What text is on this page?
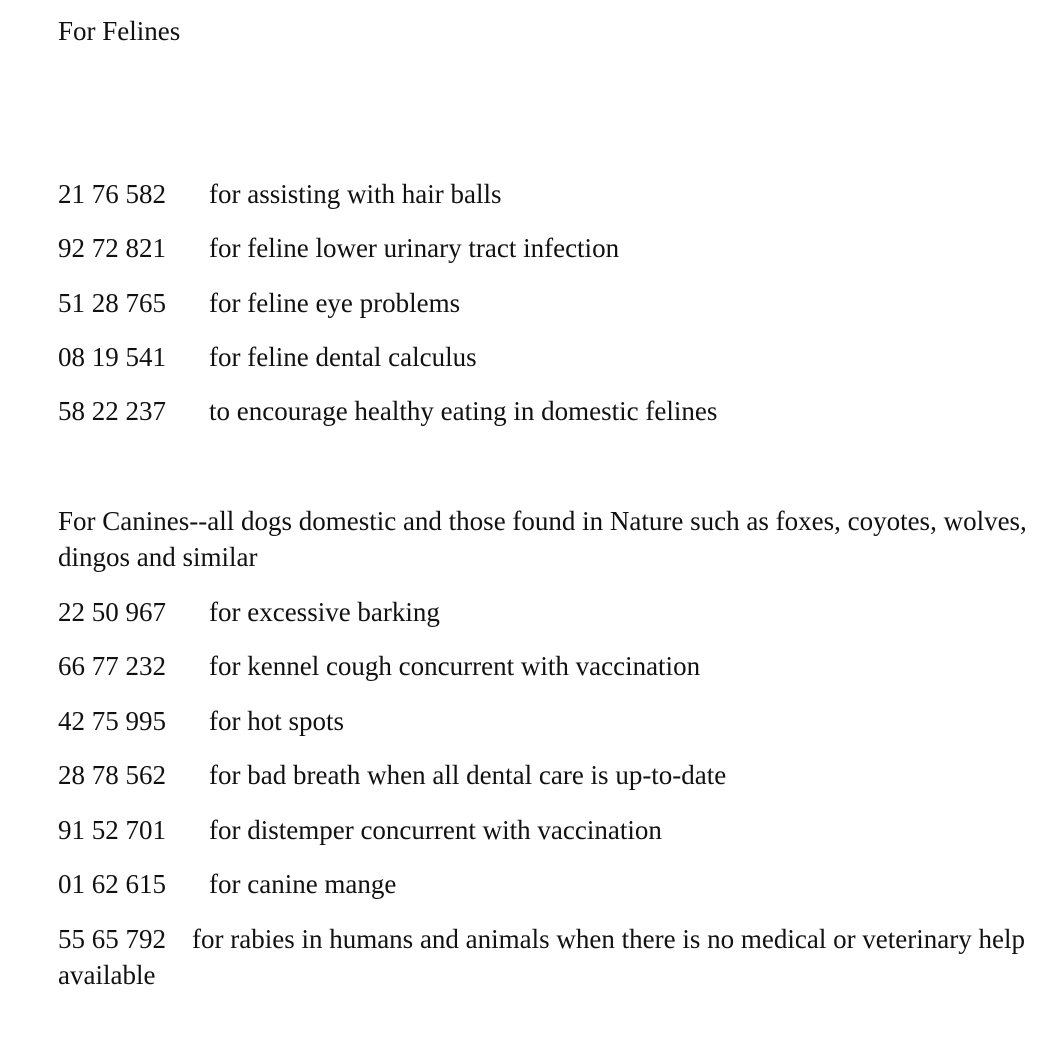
For Felines
21 76 582 for assisting with hair balls
92 72 821 for feline lower urinary tract infection
51 28 765 for feline eye problems
08 19 541 for feline dental calculus
58 22 237 to encourage healthy eating in domestic felines

For Canines--all dogs domestic and those found in Nature such as foxes, coyotes, wolves, dingos and similar

22 50 967 for excessive barking
66 77 232 for kennel cough concurrent with vaccination
42 75 995 for hot spots
28 78 562 for bad breath when all dental care is up-to-date
91 52 701 for distemper concurrent with vaccination
01 62 615 for canine mange
55 65 792 for rabies in humans and animals when there is no medical or veterinary help available
